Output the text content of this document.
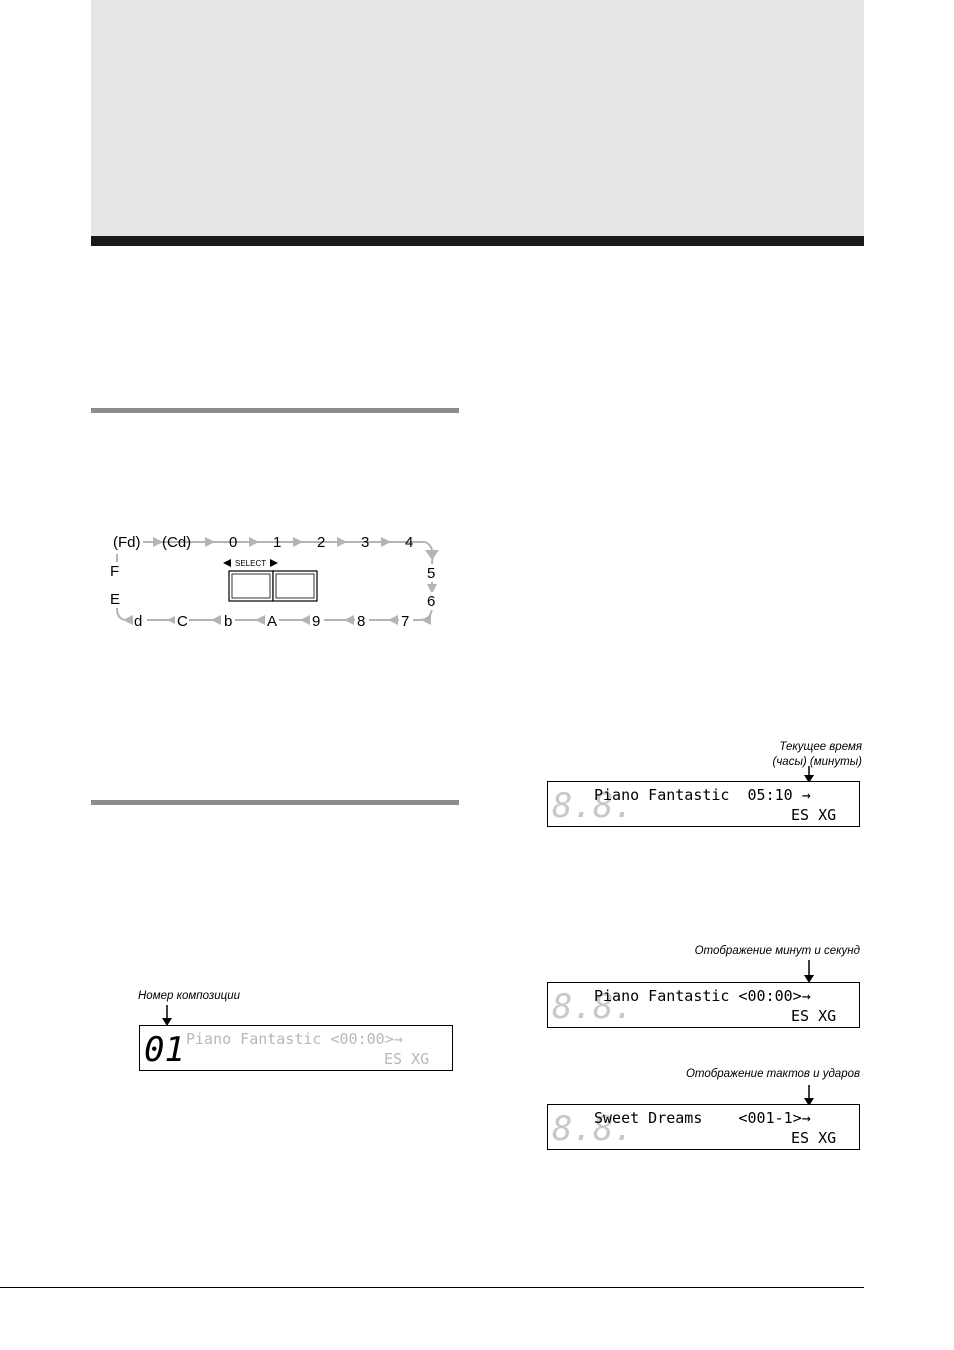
(Fd) (Cd)	0 1 2 3 4
5
6
F
E
d C b A 9 8 7
SELECT
Номер композиции
01 Piano Fantastic <00:00>→
ES XG
Текущее время
(часы) (минуты)
8.8.
Piano Fantastic  05:10 →
ES XG
Отображение минут и секунд
8.8.
Piano Fantastic <00:00>→
ES XG
Отображение тактов и ударов
8.8.
Sweet Dreams    <001-1>→
ES XG
